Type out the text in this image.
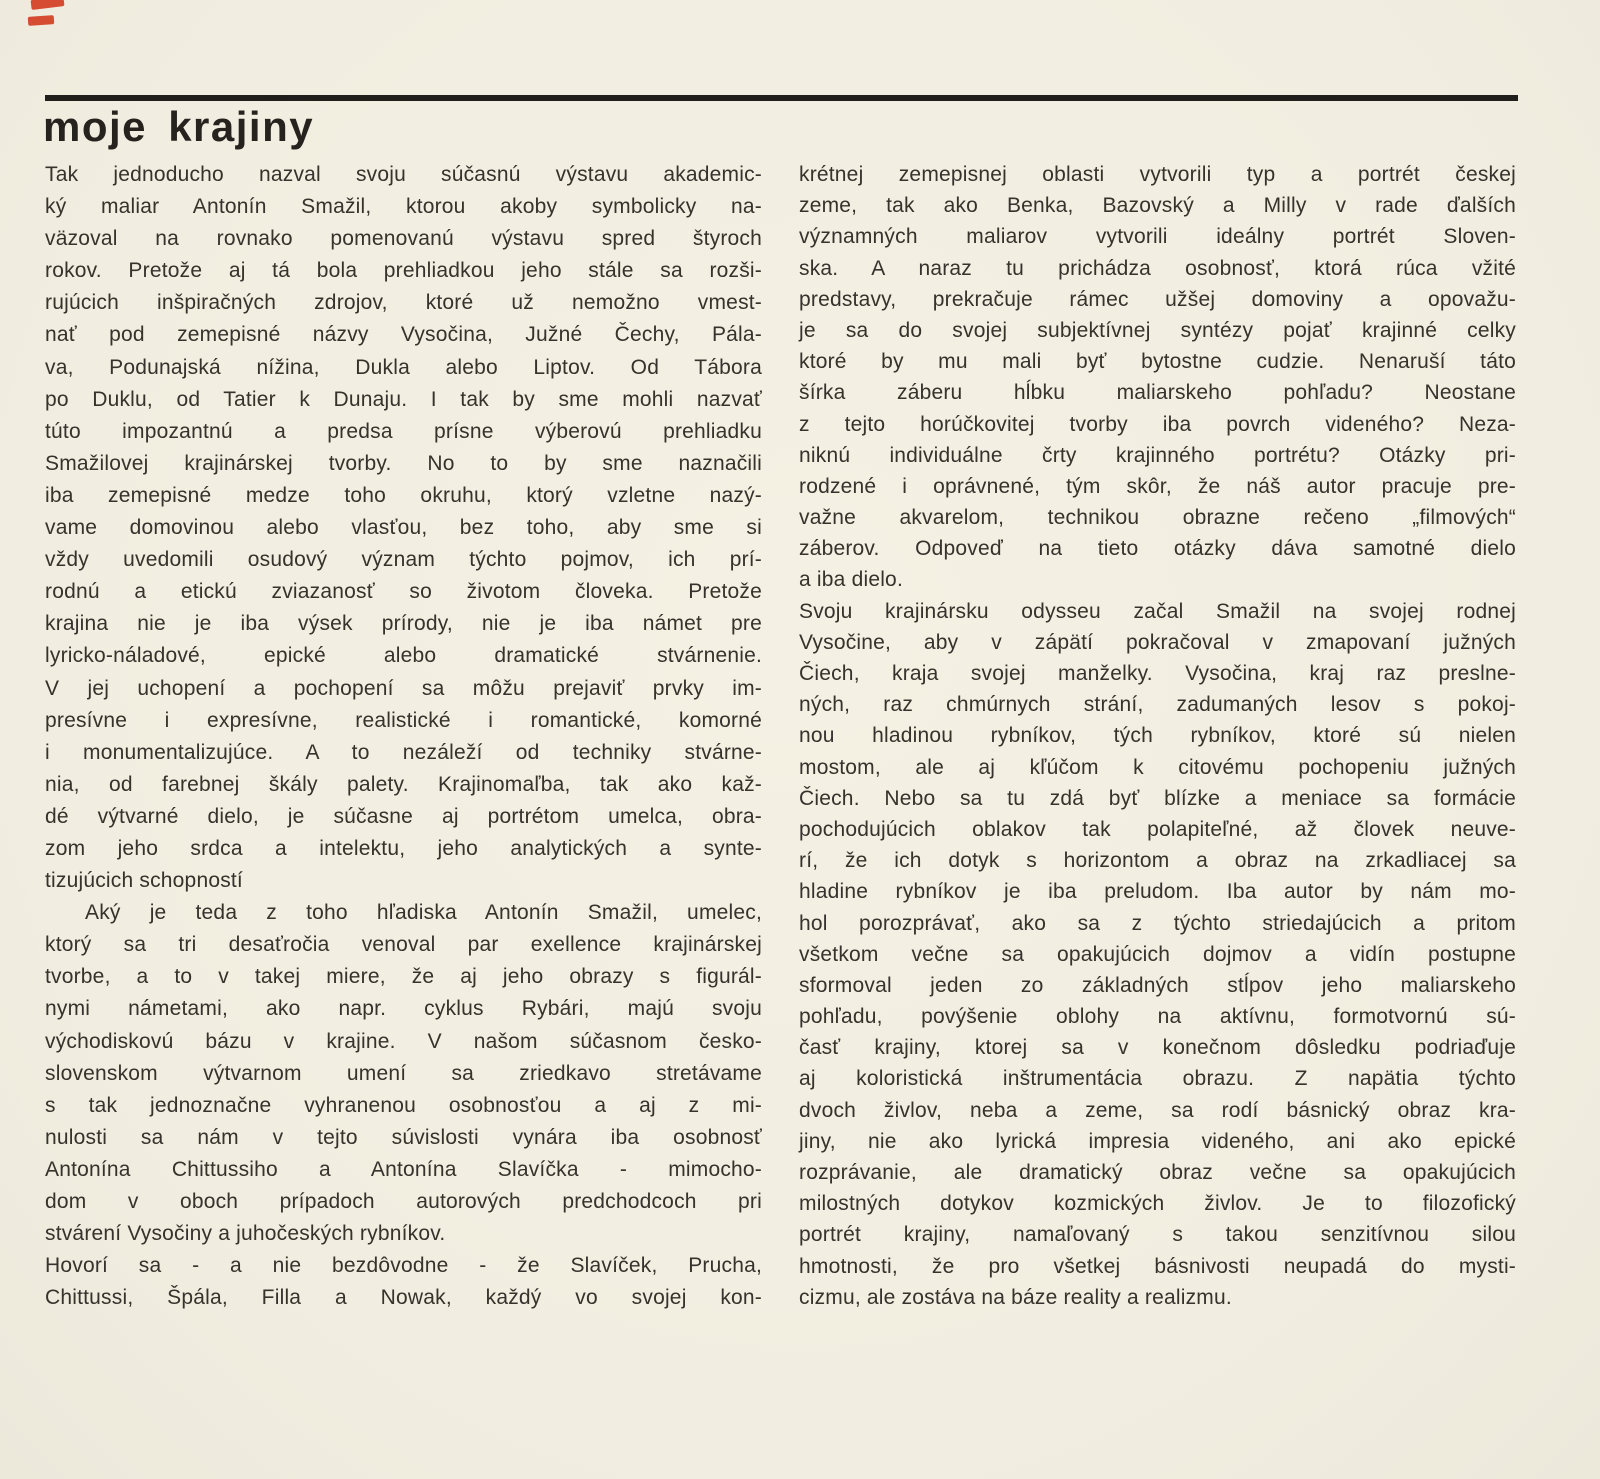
moje krajiny
Tak jednoducho nazval svoju súčasnú výstavu akademic-
ký maliar Antonín Smažil, ktorou akoby symbolicky na-
väzoval na rovnako pomenovanú výstavu spred štyroch
rokov. Pretože aj tá bola prehliadkou jeho stále sa rozši-
rujúcich inšpiračných zdrojov, ktoré už nemožno vmest-
nať pod zemepisné názvy Vysočina, Južné Čechy, Pála-
va, Podunajská nížina, Dukla alebo Liptov. Od Tábora
po Duklu, od Tatier k Dunaju. I tak by sme mohli nazvať
túto impozantnú a predsa prísne výberovú prehliadku
Smažilovej krajinárskej tvorby. No to by sme naznačili
iba zemepisné medze toho okruhu, ktorý vzletne nazý-
vame domovinou alebo vlasťou, bez toho, aby sme si
vždy uvedomili osudový význam týchto pojmov, ich prí-
rodnú a etickú zviazanosť so životom človeka. Pretože
krajina nie je iba výsek prírody, nie je iba námet pre
lyricko-náladové, epické alebo dramatické stvárnenie.
V jej uchopení a pochopení sa môžu prejaviť prvky im-
presívne i expresívne, realistické i romantické, komorné
i monumentalizujúce. A to nezáleží od techniky stvárne-
nia, od farebnej škály palety. Krajinomaľba, tak ako kaž-
dé výtvarné dielo, je súčasne aj portrétom umelca, obra-
zom jeho srdca a intelektu, jeho analytických a synte-
tizujúcich schopností
Aký je teda z toho hľadiska Antonín Smažil, umelec,
ktorý sa tri desaťročia venoval par exellence krajinárskej
tvorbe, a to v takej miere, že aj jeho obrazy s figurál-
nymi námetami, ako napr. cyklus Rybári, majú svoju
východiskovú bázu v krajine. V našom súčasnom česko-
slovenskom výtvarnom umení sa zriedkavo stretávame
s tak jednoznačne vyhranenou osobnosťou a aj z mi-
nulosti sa nám v tejto súvislosti vynára iba osobnosť
Antonína Chittussiho a Antonína Slavíčka - mimocho-
dom v oboch prípadoch autorových predchodcoch pri
stvárení Vysočiny a juhočeských rybníkov.
Hovorí sa - a nie bezdôvodne - že Slavíček, Prucha,
Chittussi, Špála, Filla a Nowak, každý vo svojej kon-
krétnej zemepisnej oblasti vytvorili typ a portrét českej
zeme, tak ako Benka, Bazovský a Milly v rade ďalších
významných maliarov vytvorili ideálny portrét Sloven-
ska. A naraz tu prichádza osobnosť, ktorá rúca vžité
predstavy, prekračuje rámec užšej domoviny a opovažu-
je sa do svojej subjektívnej syntézy pojať krajinné celky
ktoré by mu mali byť bytostne cudzie. Nenaruší táto
šírka záberu hĺbku maliarskeho pohľadu? Neostane
z tejto horúčkovitej tvorby iba povrch videného? Neza-
niknú individuálne črty krajinného portrétu? Otázky pri-
rodzené i oprávnené, tým skôr, že náš autor pracuje pre-
važne akvarelom, technikou obrazne rečeno „filmových“
záberov. Odpoveď na tieto otázky dáva samotné dielo
a iba dielo.
Svoju krajinársku odysseu začal Smažil na svojej rodnej
Vysočine, aby v zápätí pokračoval v zmapovaní južných
Čiech, kraja svojej manželky. Vysočina, kraj raz preslne-
ných, raz chmúrnych strání, zadumaných lesov s pokoj-
nou hladinou rybníkov, tých rybníkov, ktoré sú nielen
mostom, ale aj kľúčom k citovému pochopeniu južných
Čiech. Nebo sa tu zdá byť blízke a meniace sa formácie
pochodujúcich oblakov tak polapiteľné, až človek neuve-
rí, že ich dotyk s horizontom a obraz na zrkadliacej sa
hladine rybníkov je iba preludom. Iba autor by nám mo-
hol porozprávať, ako sa z týchto striedajúcich a pritom
všetkom večne sa opakujúcich dojmov a vidín postupne
sformoval jeden zo základných stĺpov jeho maliarskeho
pohľadu, povýšenie oblohy na aktívnu, formotvornú sú-
časť krajiny, ktorej sa v konečnom dôsledku podriaďuje
aj koloristická inštrumentácia obrazu. Z napätia týchto
dvoch živlov, neba a zeme, sa rodí básnický obraz kra-
jiny, nie ako lyrická impresia videného, ani ako epické
rozprávanie, ale dramatický obraz večne sa opakujúcich
milostných dotykov kozmických živlov. Je to filozofický
portrét krajiny, namaľovaný s takou senzitívnou silou
hmotnosti, že pro všetkej básnivosti neupadá do mysti-
cizmu, ale zostáva na báze reality a realizmu.
